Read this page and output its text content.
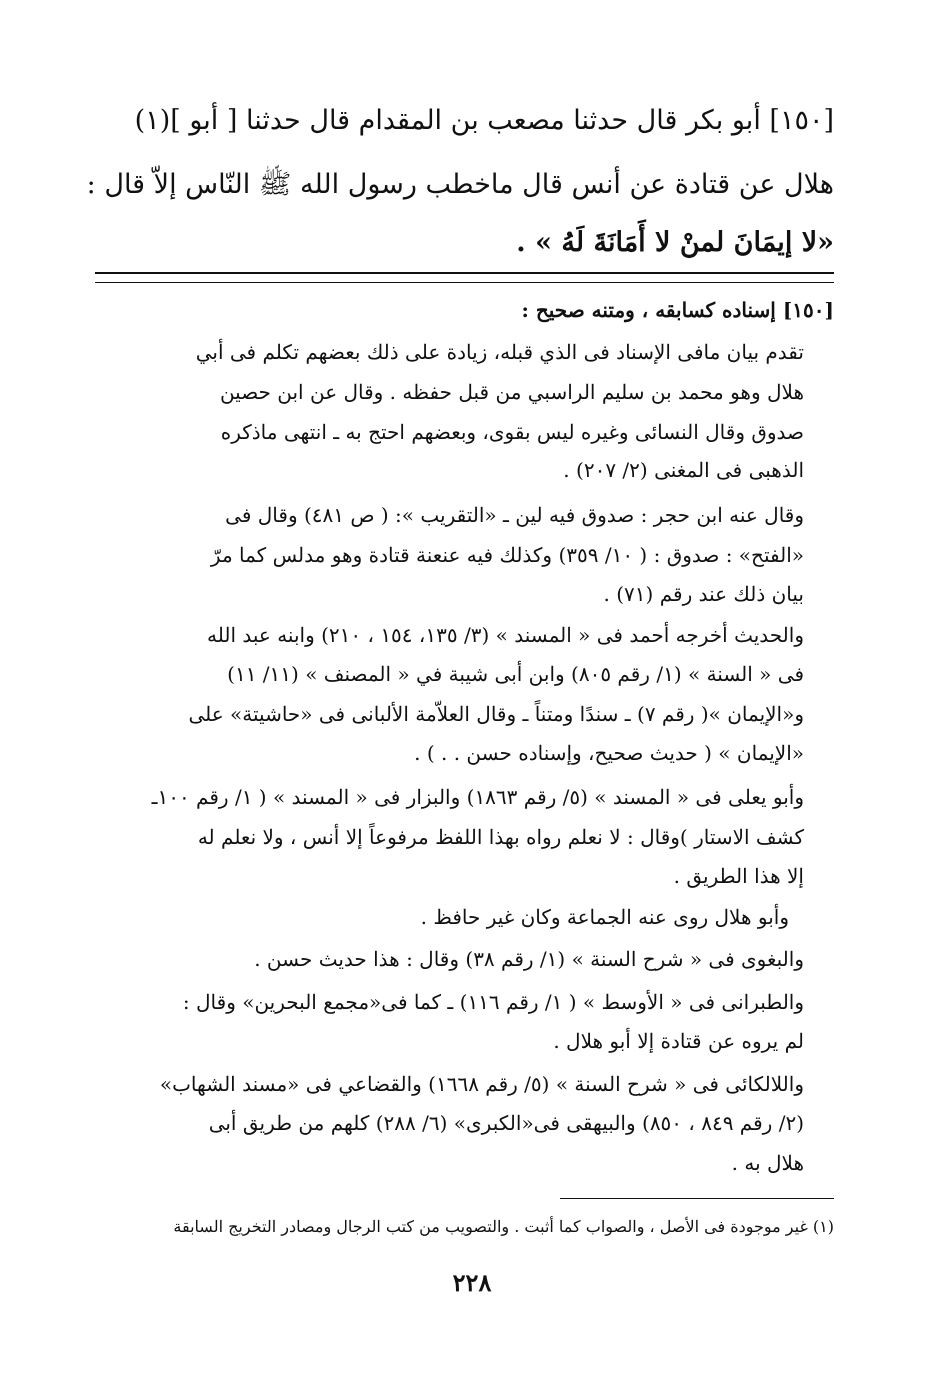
[١٥٠] أبو بكر قال حدثنا مصعب بن المقدام قال حدثنا [ أبو ](١)
هلال عن قتادة عن أنس قال ماخطب رسول الله ﷺ النّاس إلاّ قال :
«لا إيمَانَ لمنْ لا أَمَانَةَ لَهُ » .
[١٥٠] إسناده كسابقه ، ومتنه صحيح :
تقدم بيان مافى الإسناد فى الذي قبله، زيادة على ذلك بعضهم تكلم فى أبي
هلال وهو محمد بن سليم الراسبي من قبل حفظه . وقال عن ابن حصين
صدوق وقال النسائى وغيره ليس بقوى، وبعضهم احتج به ـ انتهى ماذكره
الذهبى فى المغنى (٢/ ٢٠٧) .
وقال عنه ابن حجر : صدوق فيه لين ـ «التقريب »: ( ص ٤٨١) وقال فى
«الفتح» : صدوق : ( ١٠/ ٣٥٩) وكذلك فيه عنعنة قتادة وهو مدلس كما مرّ
بيان ذلك عند رقم (٧١) .
والحديث أخرجه أحمد فى « المسند » (٣/ ١٣٥، ١٥٤ ، ٢١٠) وابنه عبد الله
فى « السنة » (١/ رقم ٨٠٥) وابن أبى شيبة في « المصنف » (١١/ ١١)
و«الإيمان »( رقم ٧) ـ سندًا ومتناً ـ وقال العلاّمة الألبانى فى «حاشيتة» على
«الإيمان » ( حديث صحيح، وإسناده حسن . . ) .
وأبو يعلى فى « المسند » (٥/ رقم ١٨٦٣) والبزار فى « المسند » ( ١/ رقم ١٠٠ـ
كشف الاستار )وقال : لا نعلم رواه بهذا اللفظ مرفوعاً إلا أنس ، ولا نعلم له
إلا هذا الطريق .
وأبو هلال روى عنه الجماعة وكان غير حافظ .
والبغوى فى « شرح السنة » (١/ رقم ٣٨) وقال : هذا حديث حسن .
والطبرانى فى « الأوسط » ( ١/ رقم ١١٦) ـ كما فى«مجمع البحرين» وقال :
لم يروه عن قتادة إلا أبو هلال .
واللالكائى فى « شرح السنة » (٥/ رقم ١٦٦٨) والقضاعي فى «مسند الشهاب»
(٢/ رقم ٨٤٩ ، ٨٥٠) والبيهقى فى«الكبرى» (٦/ ٢٨٨) كلهم من طريق أبى
هلال به .
(١) غير موجودة فى الأصل ، والصواب كما أثبت . والتصويب من كتب الرجال ومصادر التخريج السابقة
٢٢٨
